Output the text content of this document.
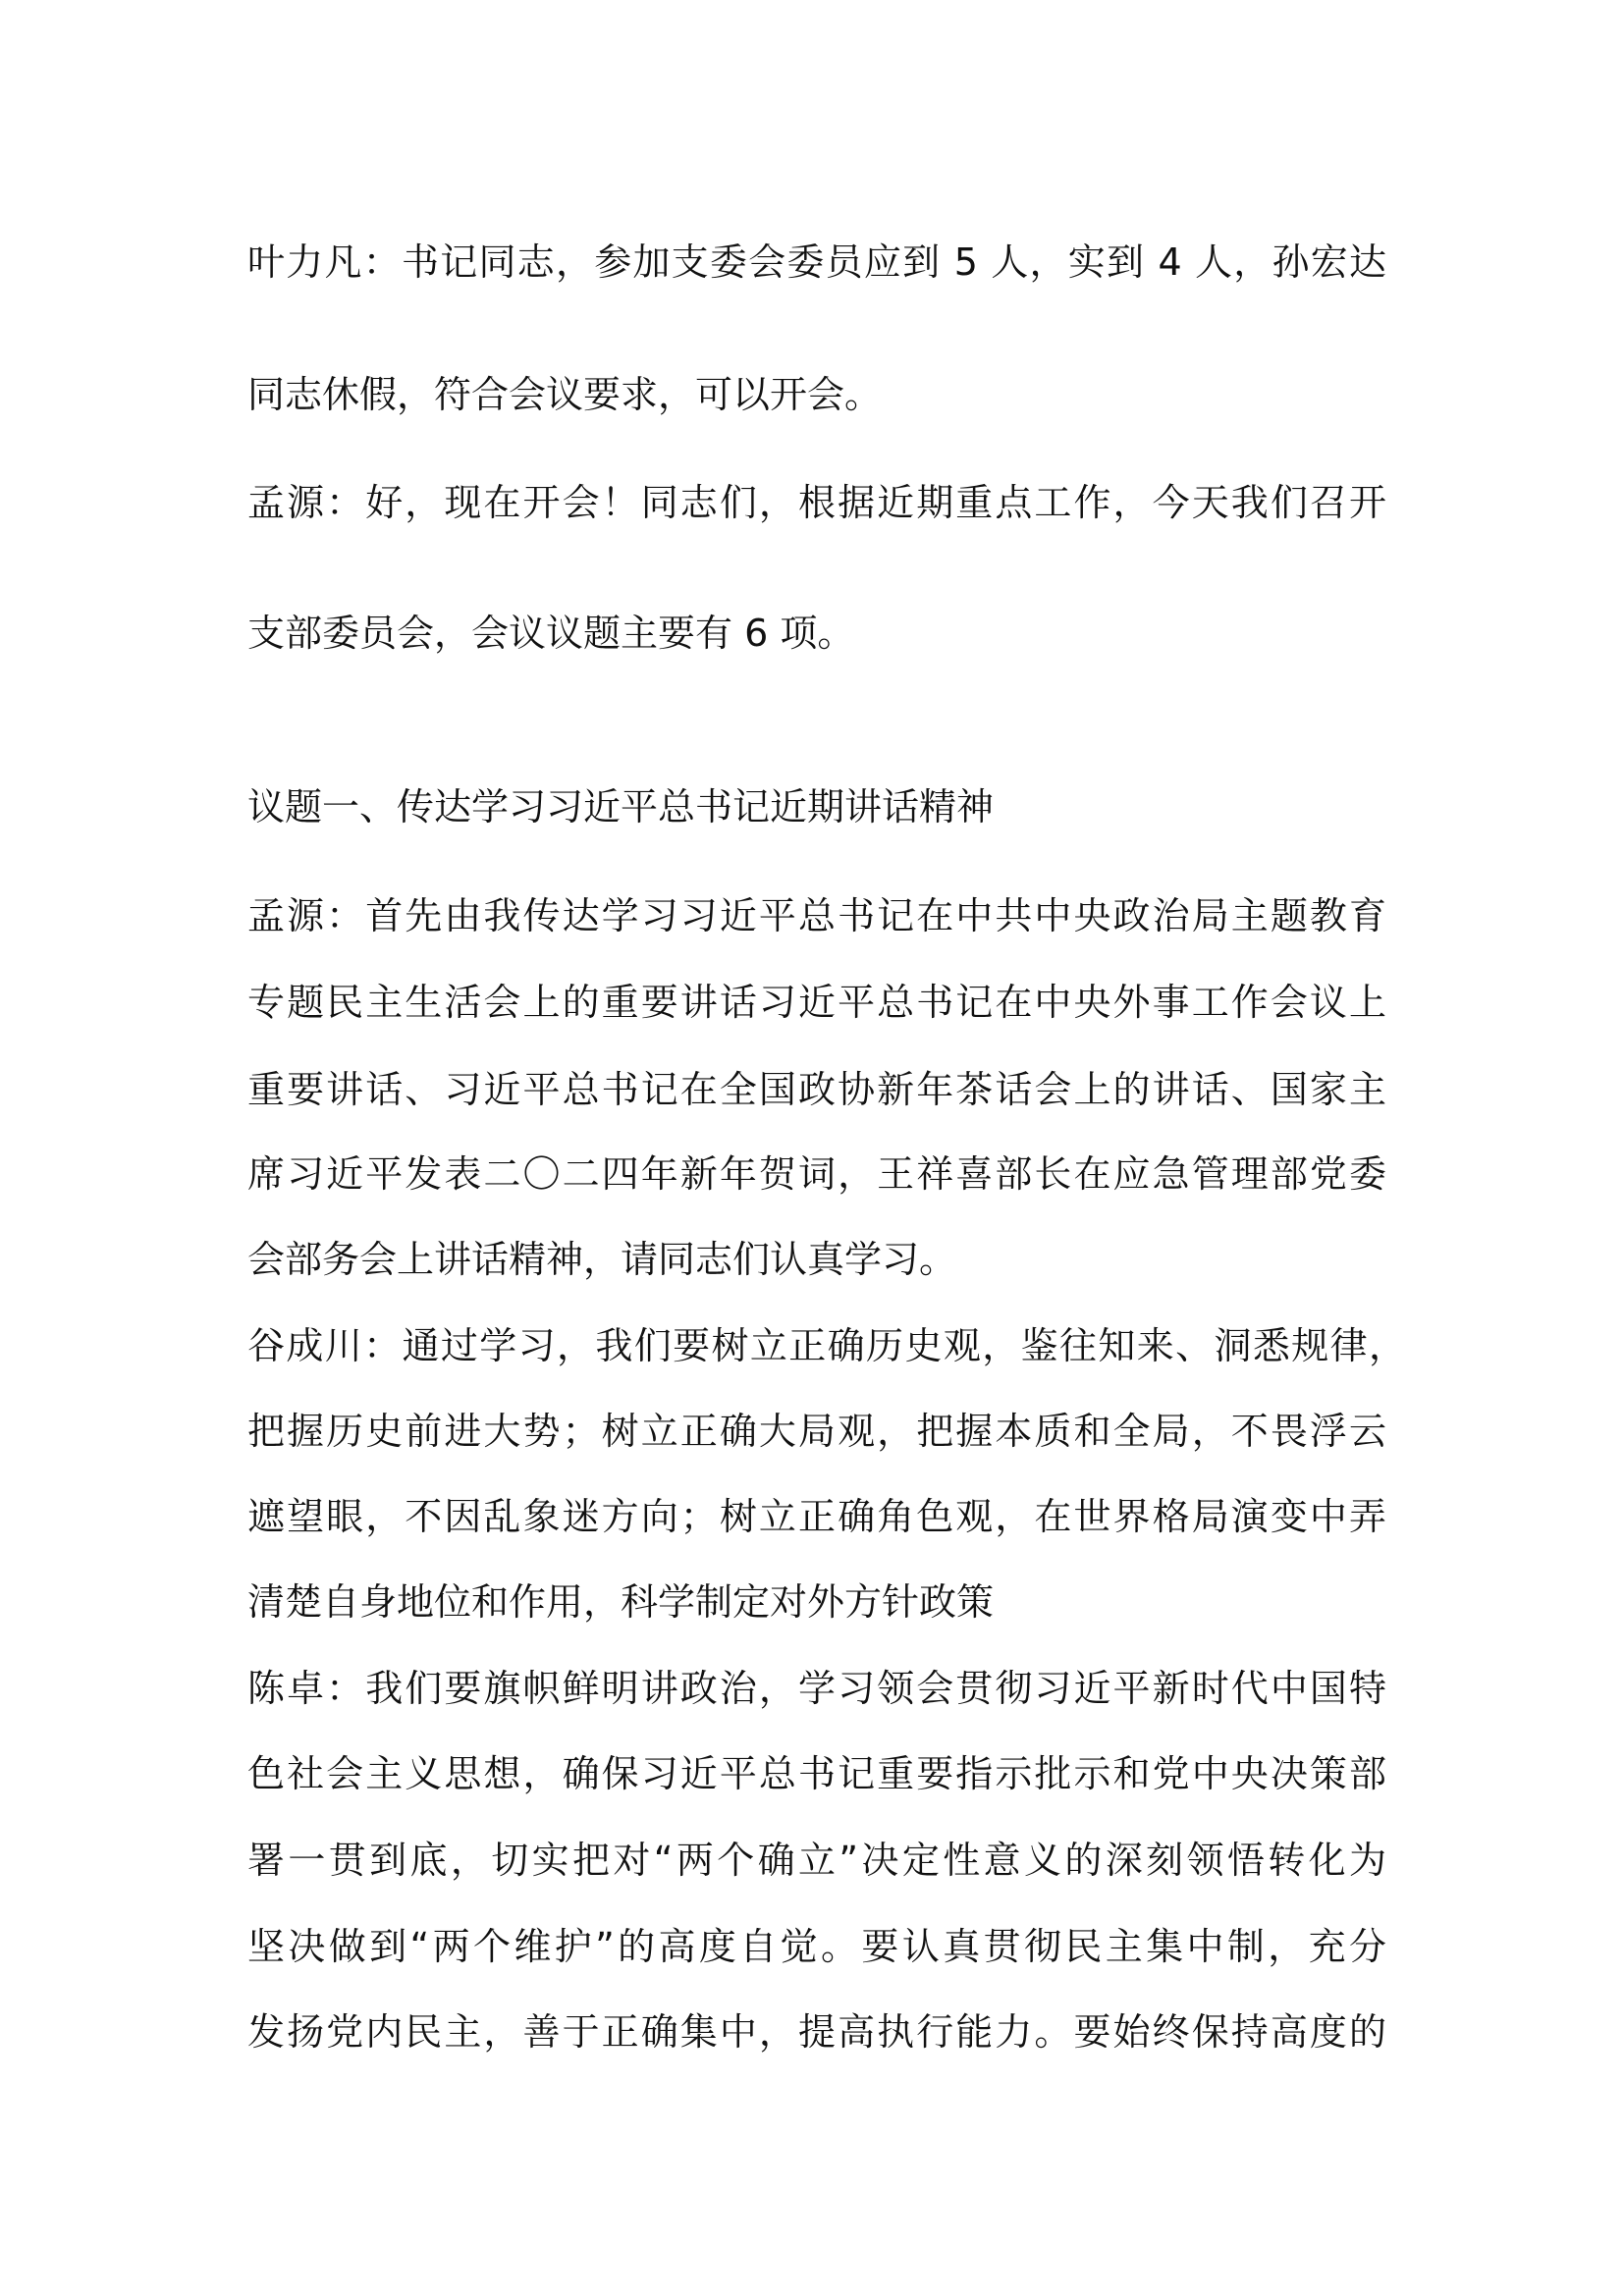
叶力凡：书记同志，参加支委会委员应到 5 人，实到 4 人，孙宏达
同志休假，符合会议要求，可以开会。
孟源：好，现在开会！同志们，根据近期重点工作，今天我们召开
支部委员会，会议议题主要有 6 项。
议题一、传达学习习近平总书记近期讲话精神
孟源：首先由我传达学习习近平总书记在中共中央政治局主题教育
专题民主生活会上的重要讲话习近平总书记在中央外事工作会议上
重要讲话、习近平总书记在全国政协新年茶话会上的讲话、国家主
席习近平发表二〇二四年新年贺词，王祥喜部长在应急管理部党委
会部务会上讲话精神，请同志们认真学习。
谷成川：通过学习，我们要树立正确历史观，鉴往知来、洞悉规律，
把握历史前进大势；树立正确大局观，把握本质和全局，不畏浮云
遮望眼，不因乱象迷方向；树立正确角色观，在世界格局演变中弄
清楚自身地位和作用，科学制定对外方针政策
陈卓：我们要旗帜鲜明讲政治，学习领会贯彻习近平新时代中国特
色社会主义思想，确保习近平总书记重要指示批示和党中央决策部
署一贯到底，切实把对“两个确立”决定性意义的深刻领悟转化为
坚决做到“两个维护”的高度自觉。要认真贯彻民主集中制，充分
发扬党内民主，善于正确集中，提高执行能力。要始终保持高度的
